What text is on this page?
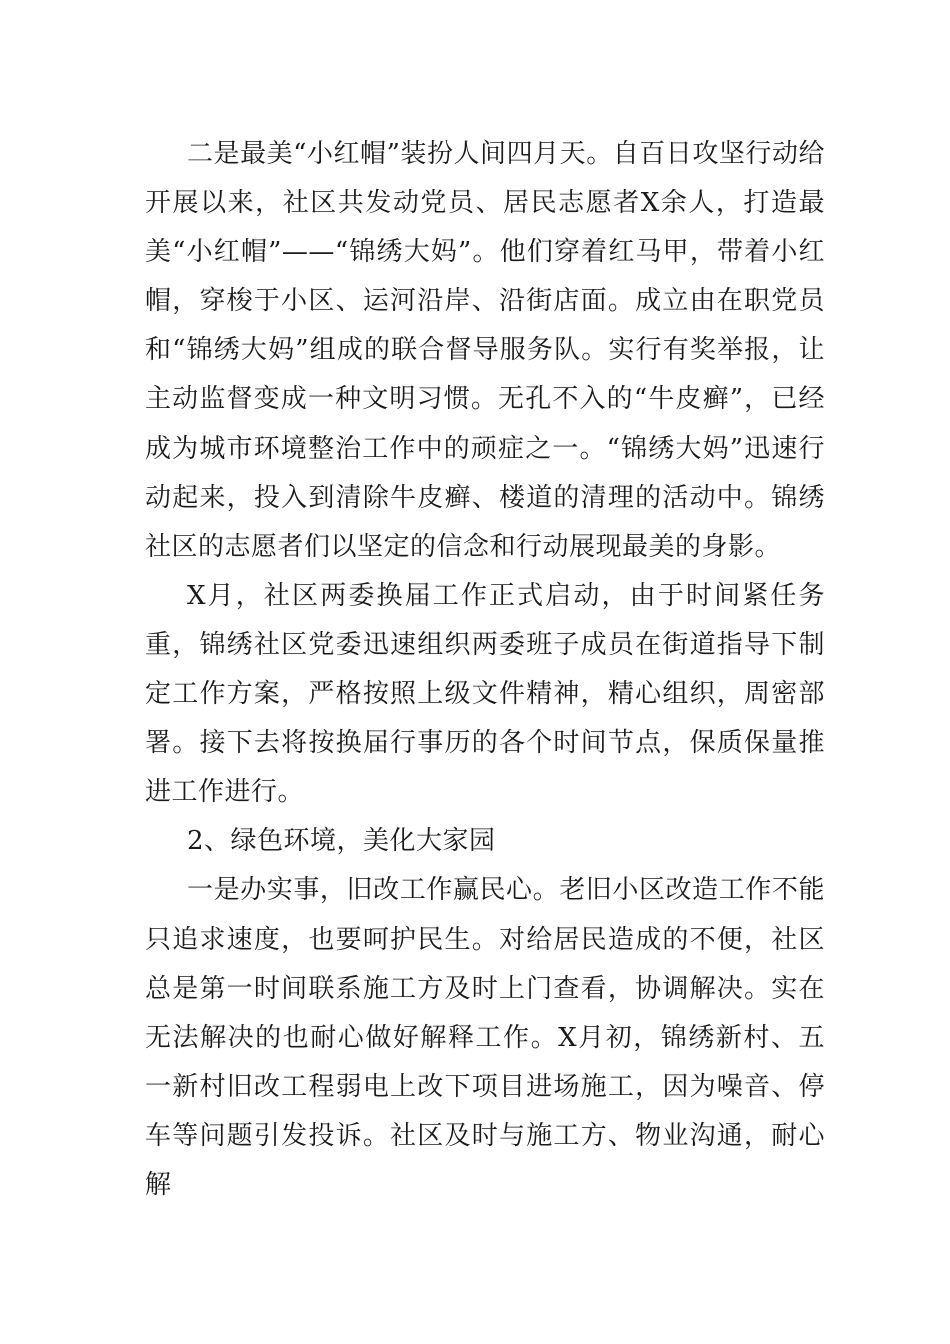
二是最美“小红帽”装扮人间四月天。自百日攻坚行动给开展以来，社区共发动党员、居民志愿者X余人，打造最美“小红帽”——“锦绣大妈”。他们穿着红马甲，带着小红帽，穿梭于小区、运河沿岸、沿街店面。成立由在职党员和“锦绣大妈”组成的联合督导服务队。实行有奖举报，让主动监督变成一种文明习惯。无孔不入的“牛皮癣”，已经成为城市环境整治工作中的顽症之一。“锦绣大妈”迅速行动起来，投入到清除牛皮癣、楼道的清理的活动中。锦绣社区的志愿者们以坚定的信念和行动展现最美的身影。

X月，社区两委换届工作正式启动，由于时间紧任务重，锦绣社区党委迅速组织两委班子成员在街道指导下制定工作方案，严格按照上级文件精神，精心组织，周密部署。接下去将按换届行事历的各个时间节点，保质保量推进工作进行。

2、绿色环境，美化大家园

一是办实事，旧改工作赢民心。老旧小区改造工作不能只追求速度，也要呵护民生。对给居民造成的不便，社区总是第一时间联系施工方及时上门查看，协调解决。实在无法解决的也耐心做好解释工作。X月初，锦绣新村、五一新村旧改工程弱电上改下项目进场施工，因为噪音、停车等问题引发投诉。社区及时与施工方、物业沟通，耐心解
